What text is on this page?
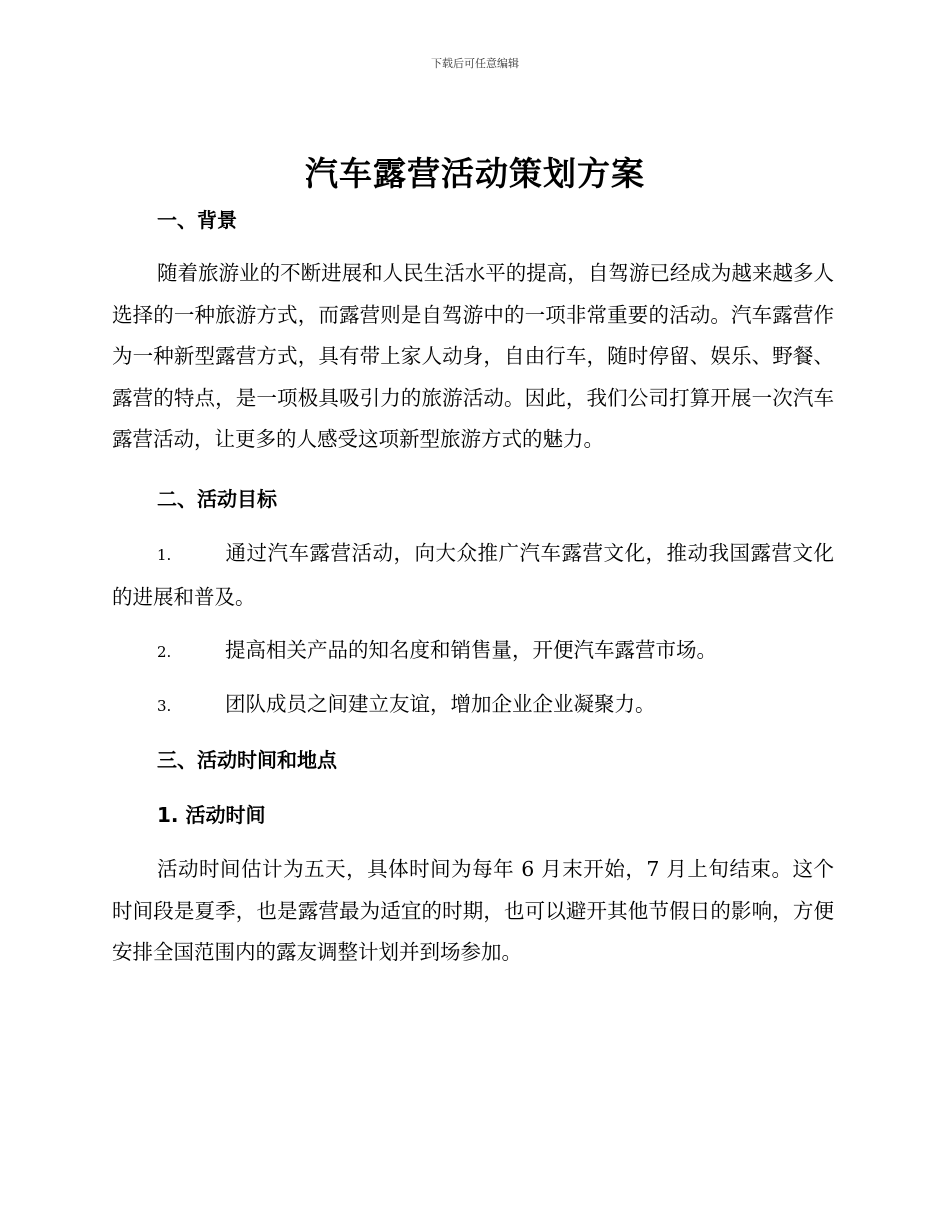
下载后可任意编辑
汽车露营活动策划方案
一、背景

随着旅游业的不断进展和人民生活水平的提高，自驾游已经成为越来越多人选择的一种旅游方式，而露营则是自驾游中的一项非常重要的活动。汽车露营作为一种新型露营方式，具有带上家人动身，自由行车，随时停留、娱乐、野餐、露营的特点，是一项极具吸引力的旅游活动。因此，我们公司打算开展一次汽车露营活动，让更多的人感受这项新型旅游方式的魅力。

二、活动目标

1.	通过汽车露营活动，向大众推广汽车露营文化，推动我国露营文化的进展和普及。

2.	提高相关产品的知名度和销售量，开便汽车露营市场。

3.	团队成员之间建立友谊，增加企业企业凝聚力。

三、活动时间和地点
1. 活动时间

活动时间估计为五天，具体时间为每年 6 月末开始，7 月上旬结束。这个时间段是夏季，也是露营最为适宜的时期，也可以避开其他节假日的影响，方便安排全国范围内的露友调整计划并到场参加。
